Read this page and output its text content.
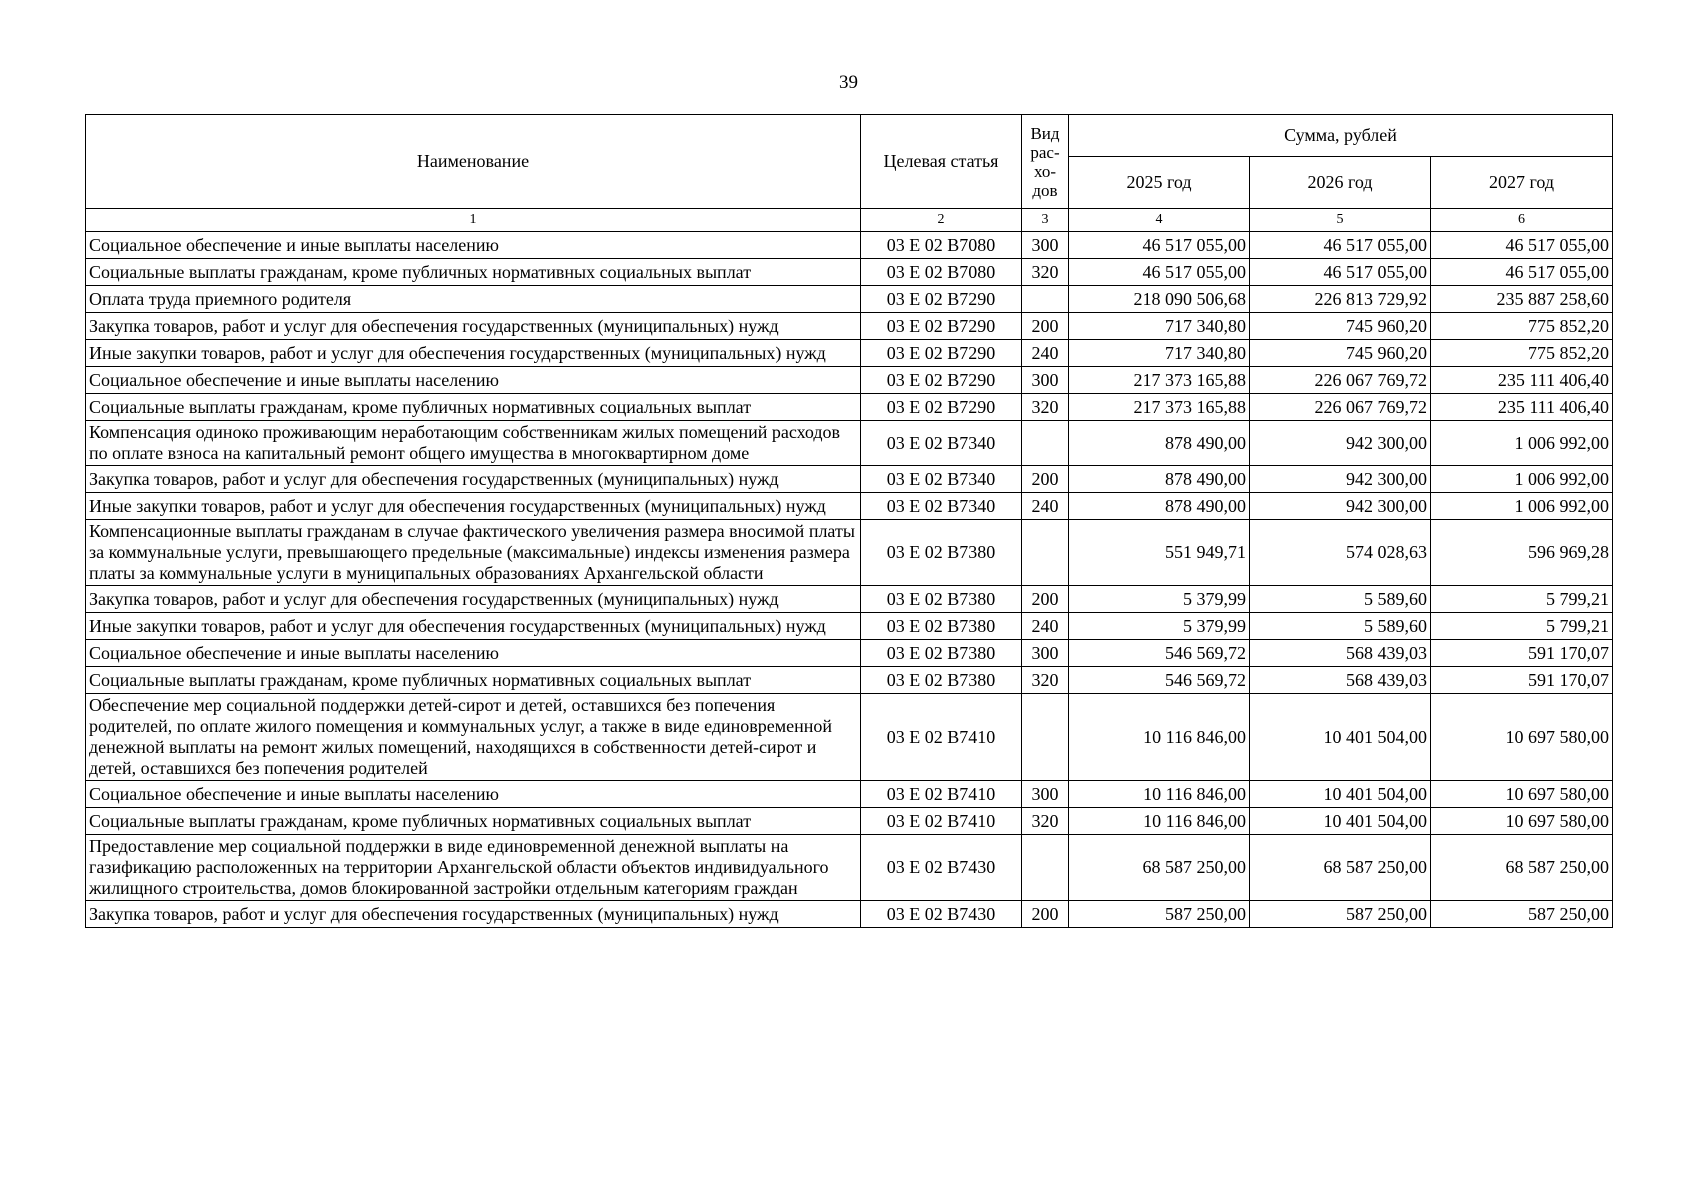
39
Наименование	Целевая статья	Вид рас-хо-дов	Сумма, рублей		
			2025 год	2026 год	2027 год
1	2	3	4	5	6
Социальное обеспечение и иные выплаты населению	03 Е 02 В7080	300	46 517 055,00	46 517 055,00	46 517 055,00
Социальные выплаты гражданам, кроме публичных нормативных социальных выплат	03 Е 02 В7080	320	46 517 055,00	46 517 055,00	46 517 055,00
Оплата труда приемного родителя	03 Е 02 В7290		218 090 506,68	226 813 729,92	235 887 258,60
Закупка товаров, работ и услуг для обеспечения государственных (муниципальных) нужд	03 Е 02 В7290	200	717 340,80	745 960,20	775 852,20
Иные закупки товаров, работ и услуг для обеспечения государственных (муниципальных) нужд	03 Е 02 В7290	240	717 340,80	745 960,20	775 852,20
Социальное обеспечение и иные выплаты населению	03 Е 02 В7290	300	217 373 165,88	226 067 769,72	235 111 406,40
Социальные выплаты гражданам, кроме публичных нормативных социальных выплат	03 Е 02 В7290	320	217 373 165,88	226 067 769,72	235 111 406,40
Компенсация одиноко проживающим неработающим собственникам жилых помещений расходов по оплате взноса на капитальный ремонт общего имущества в многоквартирном доме	03 Е 02 В7340		878 490,00	942 300,00	1 006 992,00
Закупка товаров, работ и услуг для обеспечения государственных (муниципальных) нужд	03 Е 02 В7340	200	878 490,00	942 300,00	1 006 992,00
Иные закупки товаров, работ и услуг для обеспечения государственных (муниципальных) нужд	03 Е 02 В7340	240	878 490,00	942 300,00	1 006 992,00
Компенсационные выплаты гражданам в случае фактического увеличения размера вносимой платы за коммунальные услуги, превышающего предельные (максимальные) индексы изменения размера платы за коммунальные услуги в муниципальных образованиях Архангельской области	03 Е 02 В7380		551 949,71	574 028,63	596 969,28
Закупка товаров, работ и услуг для обеспечения государственных (муниципальных) нужд	03 Е 02 В7380	200	5 379,99	5 589,60	5 799,21
Иные закупки товаров, работ и услуг для обеспечения государственных (муниципальных) нужд	03 Е 02 В7380	240	5 379,99	5 589,60	5 799,21
Социальное обеспечение и иные выплаты населению	03 Е 02 В7380	300	546 569,72	568 439,03	591 170,07
Социальные выплаты гражданам, кроме публичных нормативных социальных выплат	03 Е 02 В7380	320	546 569,72	568 439,03	591 170,07
Обеспечение мер социальной поддержки детей-сирот и детей, оставшихся без попечения родителей, по оплате жилого помещения и коммунальных услуг, а также в виде единовременной денежной выплаты на ремонт жилых помещений, находящихся в собственности детей-сирот и детей, оставшихся без попечения родителей	03 Е 02 В7410		10 116 846,00	10 401 504,00	10 697 580,00
Социальное обеспечение и иные выплаты населению	03 Е 02 В7410	300	10 116 846,00	10 401 504,00	10 697 580,00
Социальные выплаты гражданам, кроме публичных нормативных социальных выплат	03 Е 02 В7410	320	10 116 846,00	10 401 504,00	10 697 580,00
Предоставление мер социальной поддержки в виде единовременной денежной выплаты на газификацию расположенных на территории Архангельской области объектов индивидуального жилищного строительства, домов блокированной застройки отдельным категориям граждан	03 Е 02 В7430		68 587 250,00	68 587 250,00	68 587 250,00
Закупка товаров, работ и услуг для обеспечения государственных (муниципальных) нужд	03 Е 02 В7430	200	587 250,00	587 250,00	587 250,00
